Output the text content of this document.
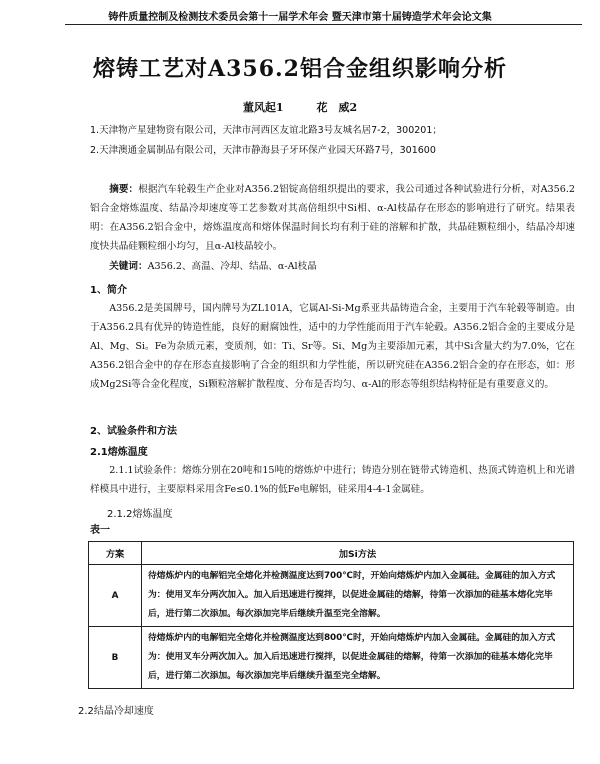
铸件质量控制及检测技术委员会第十一届学术年会 暨天津市第十届铸造学术年会论文集
熔铸工艺对A356.2铝合金组织影响分析
董风起1　　　花　威2
1.天津物产星建物资有限公司，天津市河西区友谊北路3号友城名居7-2，300201；
2.天津澳通金属制品有限公司，天津市静海县子牙环保产业园天环路7号，301600

摘要：根据汽车轮毂生产企业对A356.2铝锭高倍组织提出的要求，我公司通过各种试验进行分析，对A356.2铝合金熔炼温度、结晶冷却速度等工艺参数对其高倍组织中Si相、α-Al枝晶存在形态的影响进行了研究。结果表明：在A356.2铝合金中，熔炼温度高和熔体保温时间长均有利于硅的溶解和扩散，共晶硅颗粒细小，结晶冷却速度快共晶硅颗粒细小均匀，且α-Al枝晶较小。

关键词：A356.2、高温、冷却、结晶、α-Al枝晶

1、简介

A356.2是美国牌号，国内牌号为ZL101A，它属Al-Si-Mg系亚共晶铸造合金，主要用于汽车轮毂等制造。由于A356.2具有优异的铸造性能，良好的耐腐蚀性，适中的力学性能而用于汽车轮毂。A356.2铝合金的主要成分是Al、Mg、Si。Fe为杂质元素，变质剂，如：Ti、Sr等。Si、Mg为主要添加元素，其中Si含量大约为7.0%，它在A356.2铝合金中的存在形态直接影响了合金的组织和力学性能，所以研究硅在A356.2铝合金的存在形态，如：形成Mg2Si等合金化程度，Si颗粒溶解扩散程度、分布是否均匀、α-Al的形态等组织结构特征是有重要意义的。

2、试验条件和方法
2.1熔炼温度

2.1.1试验条件：熔炼分别在20吨和15吨的熔炼炉中进行；铸造分别在链带式铸造机、热顶式铸造机上和光谱样模具中进行，主要原料采用含Fe≤0.1%的低Fe电解铝，硅采用4-4-1金属硅。

2.1.2熔炼温度
表一
方案	加Si方法
A	待熔炼炉内的电解铝完全熔化并检测温度达到700℃时，开始向熔炼炉内加入金属硅。金属硅的加入方式为：使用叉车分两次加入。加入后迅速进行搅拌，以促进金属硅的熔解，待第一次添加的硅基本熔化完毕后，进行第二次添加。每次添加完毕后继续升温至完全溶解。
B	待熔炼炉内的电解铝完全熔化并检测温度达到800℃时，开始向熔炼炉内加入金属硅。金属硅的加入方式为：使用叉车分两次加入。加入后迅速进行搅拌，以促进金属硅的熔解，待第一次添加的硅基本熔化完毕后，进行第二次添加。每次添加完毕后继续升温至完全熔解。
2.2结晶冷却速度
